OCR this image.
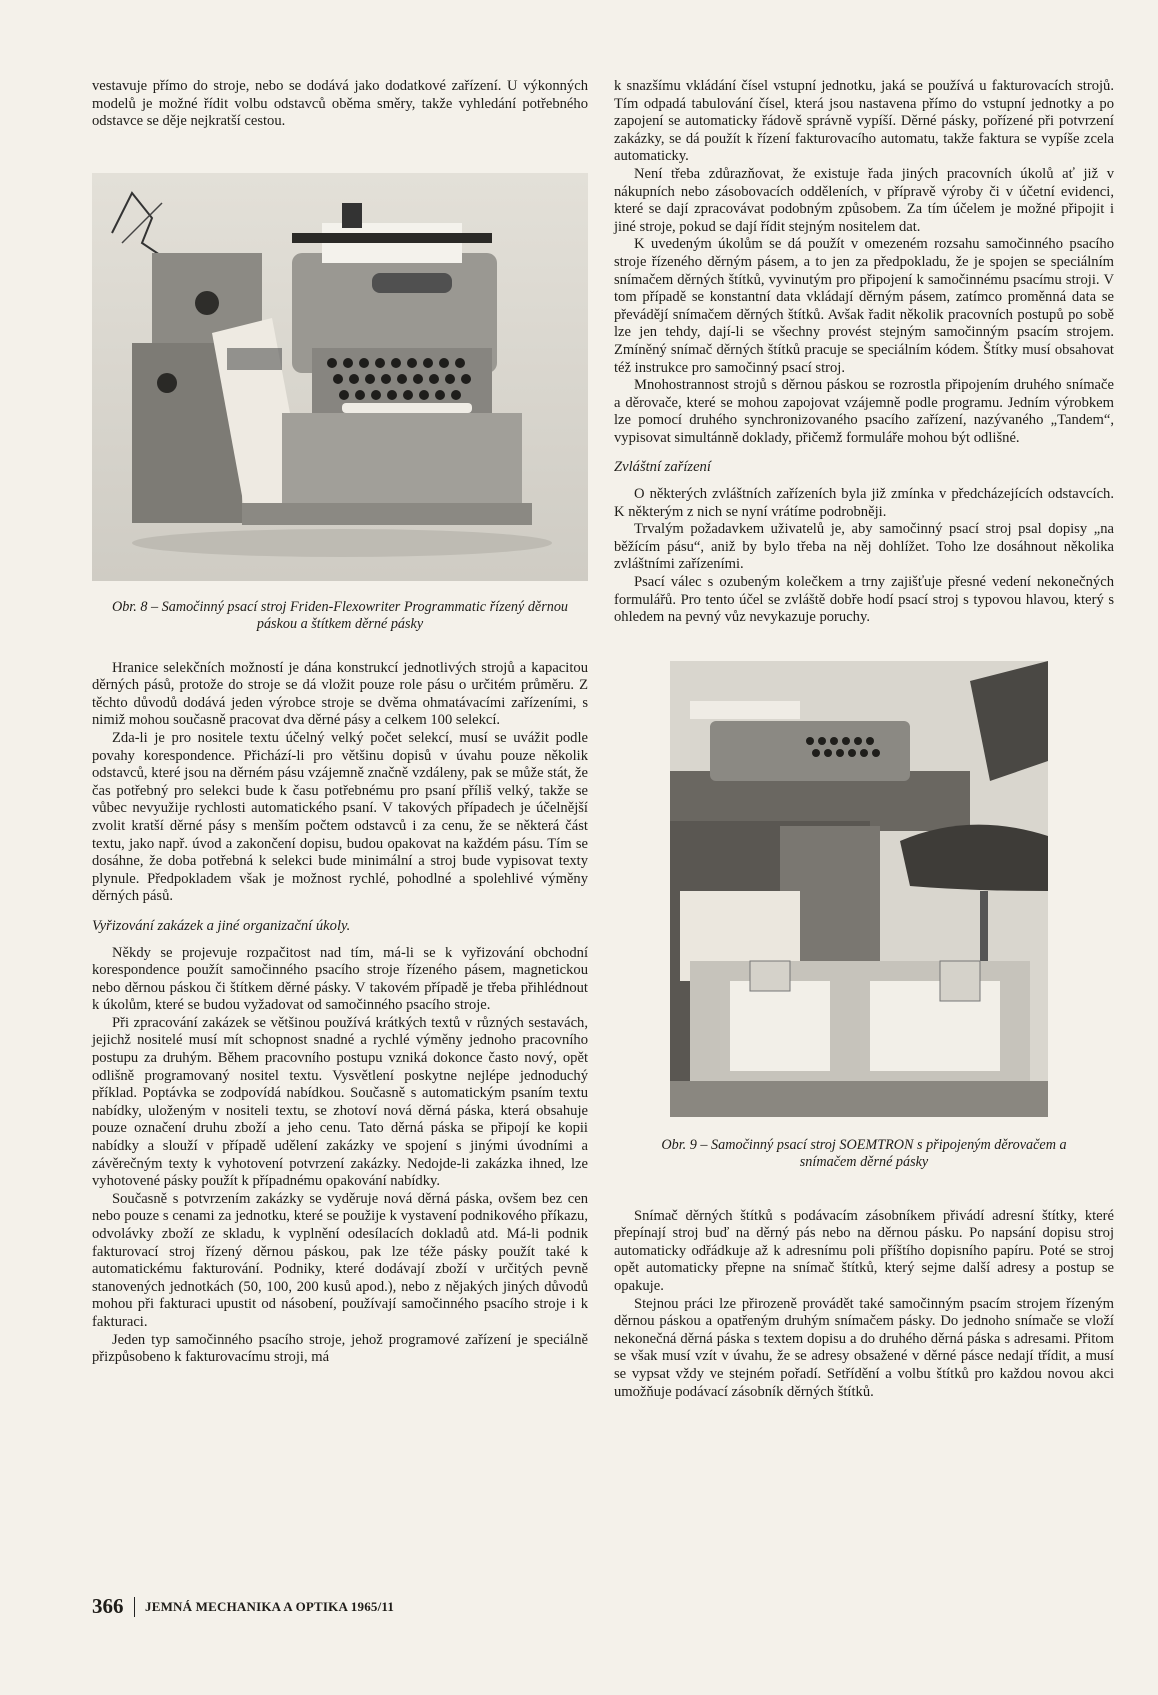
vestavuje přímo do stroje, nebo se dodává jako dodatkové zařízení. U výkonných modelů je možné řídit volbu odstavců oběma směry, takže vyhledání potřebného odstavce se děje nejkratší cestou.

Obr. 8 – Samočinný psací stroj Friden-Flexowriter Programmatic řízený děrnou páskou a štítkem děrné pásky

Hranice selekčních možností je dána konstrukcí jednotlivých strojů a kapacitou děrných pásů, protože do stroje se dá vložit pouze role pásu o určitém průměru. Z těchto důvodů dodává jeden výrobce stroje se dvěma ohmatávacími zařízeními, s nimiž mohou současně pracovat dva děrné pásy a celkem 100 selekcí.

Zda-li je pro nositele textu účelný velký počet selekcí, musí se uvážit podle povahy korespondence. Přichází-li pro většinu dopisů v úvahu pouze několik odstavců, které jsou na děrném pásu vzájemně značně vzdáleny, pak se může stát, že čas potřebný pro selekci bude k času potřebnému pro psaní příliš velký, takže se vůbec nevyužije rychlosti automatického psaní. V takových případech je účelnější zvolit kratší děrné pásy s menším počtem odstavců i za cenu, že se některá část textu, jako např. úvod a zakončení dopisu, budou opakovat na každém pásu. Tím se dosáhne, že doba potřebná k selekci bude minimální a stroj bude vypisovat texty plynule. Předpokladem však je možnost rychlé, pohodlné a spolehlivé výměny děrných pásů.

Vyřizování zakázek a jiné organizační úkoly.

Někdy se projevuje rozpačitost nad tím, má-li se k vyřizování obchodní korespondence použít samočinného psacího stroje řízeného pásem, magnetickou nebo děrnou páskou či štítkem děrné pásky. V takovém případě je třeba přihlédnout k úkolům, které se budou vyžadovat od samočinného psacího stroje.

Při zpracování zakázek se většinou používá krátkých textů v různých sestavách, jejichž nositelé musí mít schopnost snadné a rychlé výměny jednoho pracovního postupu za druhým. Během pracovního postupu vzniká dokonce často nový, opět odlišně programovaný nositel textu. Vysvětlení poskytne nejlépe jednoduchý příklad. Poptávka se zodpovídá nabídkou. Současně s automatickým psaním textu nabídky, uloženým v nositeli textu, se zhotoví nová děrná páska, která obsahuje pouze označení druhu zboží a jeho cenu. Tato děrná páska se připojí ke kopii nabídky a slouží v případě udělení zakázky ve spojení s jinými úvodními a závěrečným texty k vyhotovení potvrzení zakázky. Nedojde-li zakázka ihned, lze vyhotovené pásky použít k případnému opakování nabídky.

Současně s potvrzením zakázky se vyděruje nová děrná páska, ovšem bez cen nebo pouze s cenami za jednotku, které se použije k vystavení podnikového příkazu, odvolávky zboží ze skladu, k vyplnění odesílacích dokladů atd. Má-li podnik fakturovací stroj řízený děrnou páskou, pak lze téže pásky použít také k automatickému fakturování. Podniky, které dodávají zboží v určitých pevně stanovených jednotkách (50, 100, 200 kusů apod.), nebo z nějakých jiných důvodů mohou při fakturaci upustit od násobení, používají samočinného psacího stroje i k fakturaci.

Jeden typ samočinného psacího stroje, jehož programové zařízení je speciálně přizpůsobeno k fakturovacímu stroji, má

k snazšímu vkládání čísel vstupní jednotku, jaká se používá u fakturovacích strojů. Tím odpadá tabulování čísel, která jsou nastavena přímo do vstupní jednotky a po zapojení se automaticky řádově správně vypíší. Děrné pásky, pořízené při potvrzení zakázky, se dá použít k řízení fakturovacího automatu, takže faktura se vypíše zcela automaticky.

Není třeba zdůrazňovat, že existuje řada jiných pracovních úkolů ať již v nákupních nebo zásobovacích odděleních, v přípravě výroby či v účetní evidenci, které se dají zpracovávat podobným způsobem. Za tím účelem je možné připojit i jiné stroje, pokud se dají řídit stejným nositelem dat.

K uvedeným úkolům se dá použít v omezeném rozsahu samočinného psacího stroje řízeného děrným pásem, a to jen za předpokladu, že je spojen se speciálním snímačem děrných štítků, vyvinutým pro připojení k samočinnému psacímu stroji. V tom případě se konstantní data vkládají děrným pásem, zatímco proměnná data se převádějí snímačem děrných štítků. Avšak řadit několik pracovních postupů po sobě lze jen tehdy, dají-li se všechny provést stejným samočinným psacím strojem. Zmíněný snímač děrných štítků pracuje se speciálním kódem. Štítky musí obsahovat též instrukce pro samočinný psací stroj.

Mnohostrannost strojů s děrnou páskou se rozrostla připojením druhého snímače a děrovače, které se mohou zapojovat vzájemně podle programu. Jedním výrobkem lze pomocí druhého synchronizovaného psacího zařízení, nazývaného „Tandem“, vypisovat simultánně doklady, přičemž formuláře mohou být odlišné.

Zvláštní zařízení

O některých zvláštních zařízeních byla již zmínka v předcházejících odstavcích. K některým z nich se nyní vrátíme podrobněji.

Trvalým požadavkem uživatelů je, aby samočinný psací stroj psal dopisy „na běžícím pásu“, aniž by bylo třeba na něj dohlížet. Toho lze dosáhnout několika zvláštními zařízeními.

Psací válec s ozubeným kolečkem a trny zajišťuje přesné vedení nekonečných formulářů. Pro tento účel se zvláště dobře hodí psací stroj s typovou hlavou, který s ohledem na pevný vůz nevykazuje poruchy.

Obr. 9 – Samočinný psací stroj SOEMTRON s připojeným děrovačem a snímačem děrné pásky

Snímač děrných štítků s podávacím zásobníkem přivádí adresní štítky, které přepínají stroj buď na děrný pás nebo na děrnou pásku. Po napsání dopisu stroj automaticky odřádkuje až k adresnímu poli příštího dopisního papíru. Poté se stroj opět automaticky přepne na snímač štítků, který sejme další adresy a postup se opakuje.

Stejnou práci lze přirozeně provádět také samočinným psacím strojem řízeným děrnou páskou a opatřeným druhým snímačem pásky. Do jednoho snímače se vloží nekonečná děrná páska s textem dopisu a do druhého děrná páska s adresami. Přitom se však musí vzít v úvahu, že se adresy obsažené v děrné pásce nedají třídit, a musí se vypsat vždy ve stejném pořadí. Setřídění a volbu štítků pro každou novou akci umožňuje podávací zásobník děrných štítků.

366 JEMNÁ MECHANIKA A OPTIKA 1965/11
